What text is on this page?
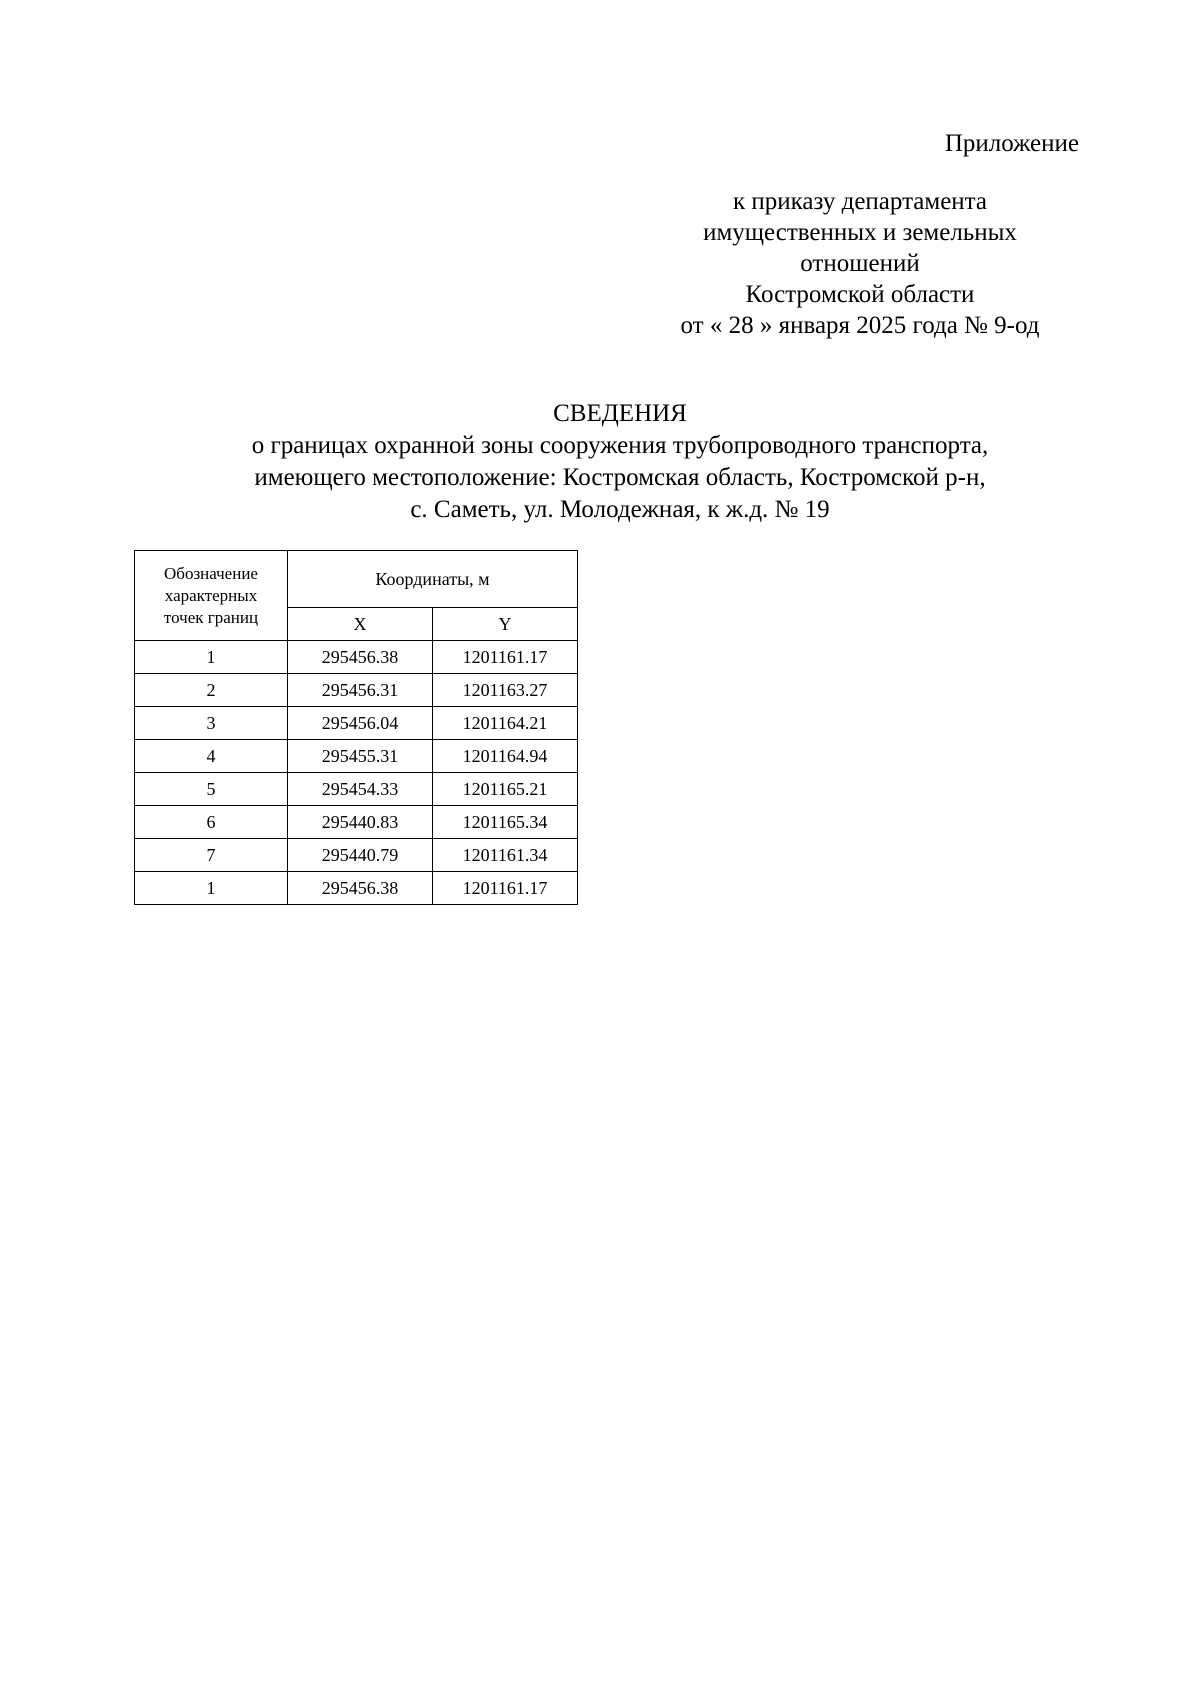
Приложение
к приказу департамента
имущественных и земельных
отношений
Костромской области
от « 28 » января 2025 года № 9-од
СВЕДЕНИЯ
о границах охранной зоны сооружения трубопроводного транспорта,
имеющего местоположение: Костромская область, Костромской р-н,
с. Саметь, ул. Молодежная, к ж.д. № 19
Обозначение
характерных
точек границ	Координаты, м	
	X	Y
1	295456.38	1201161.17
2	295456.31	1201163.27
3	295456.04	1201164.21
4	295455.31	1201164.94
5	295454.33	1201165.21
6	295440.83	1201165.34
7	295440.79	1201161.34
1	295456.38	1201161.17
